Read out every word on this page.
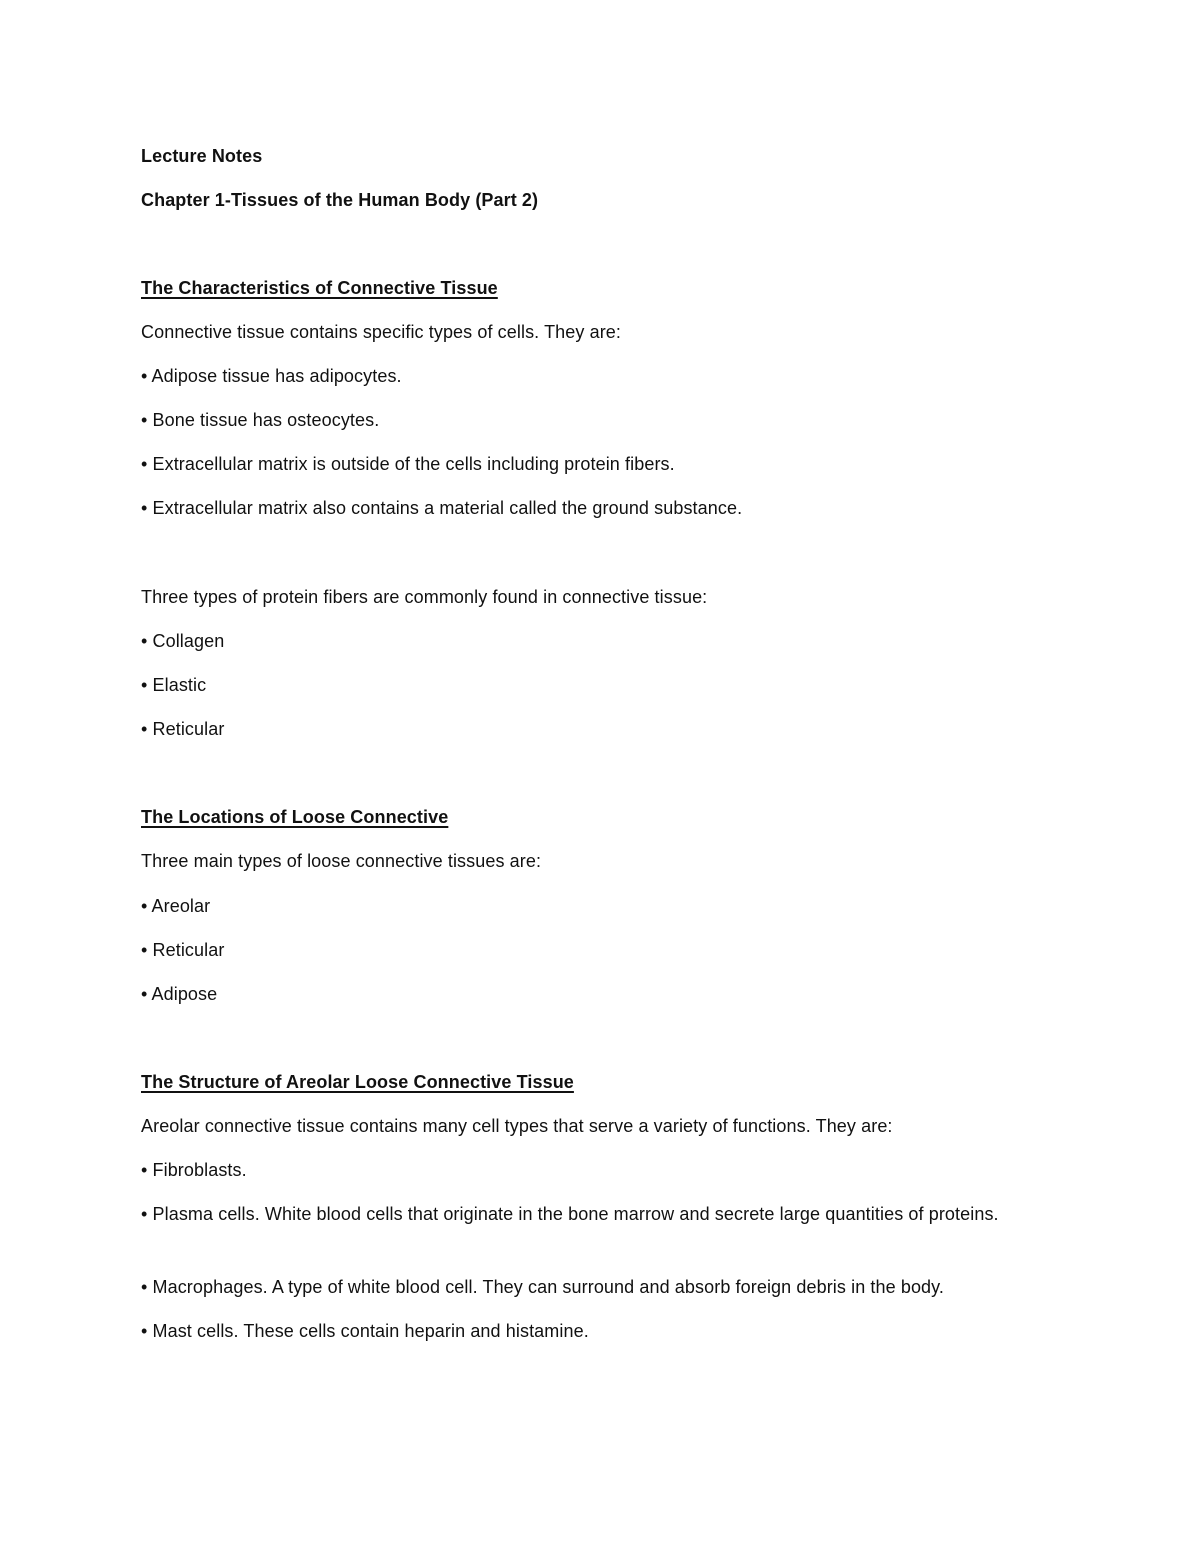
Lecture Notes
Chapter 1-Tissues of the Human Body (Part 2)
The Characteristics of Connective Tissue
Connective tissue contains specific types of cells. They are:
• Adipose tissue has adipocytes.
• Bone tissue has osteocytes.
• Extracellular matrix is outside of the cells including protein fibers.
• Extracellular matrix also contains a material called the ground substance.
Three types of protein fibers are commonly found in connective tissue:
• Collagen
• Elastic
• Reticular
The Locations of Loose Connective
Three main types of loose connective tissues are:
• Areolar
• Reticular
• Adipose
The Structure of Areolar Loose Connective Tissue
Areolar connective tissue contains many cell types that serve a variety of functions. They are:
• Fibroblasts.
• Plasma cells. White blood cells that originate in the bone marrow and secrete large quantities of proteins.
• Macrophages. A type of white blood cell. They can surround and absorb foreign debris in the body.
• Mast cells. These cells contain heparin and histamine.
